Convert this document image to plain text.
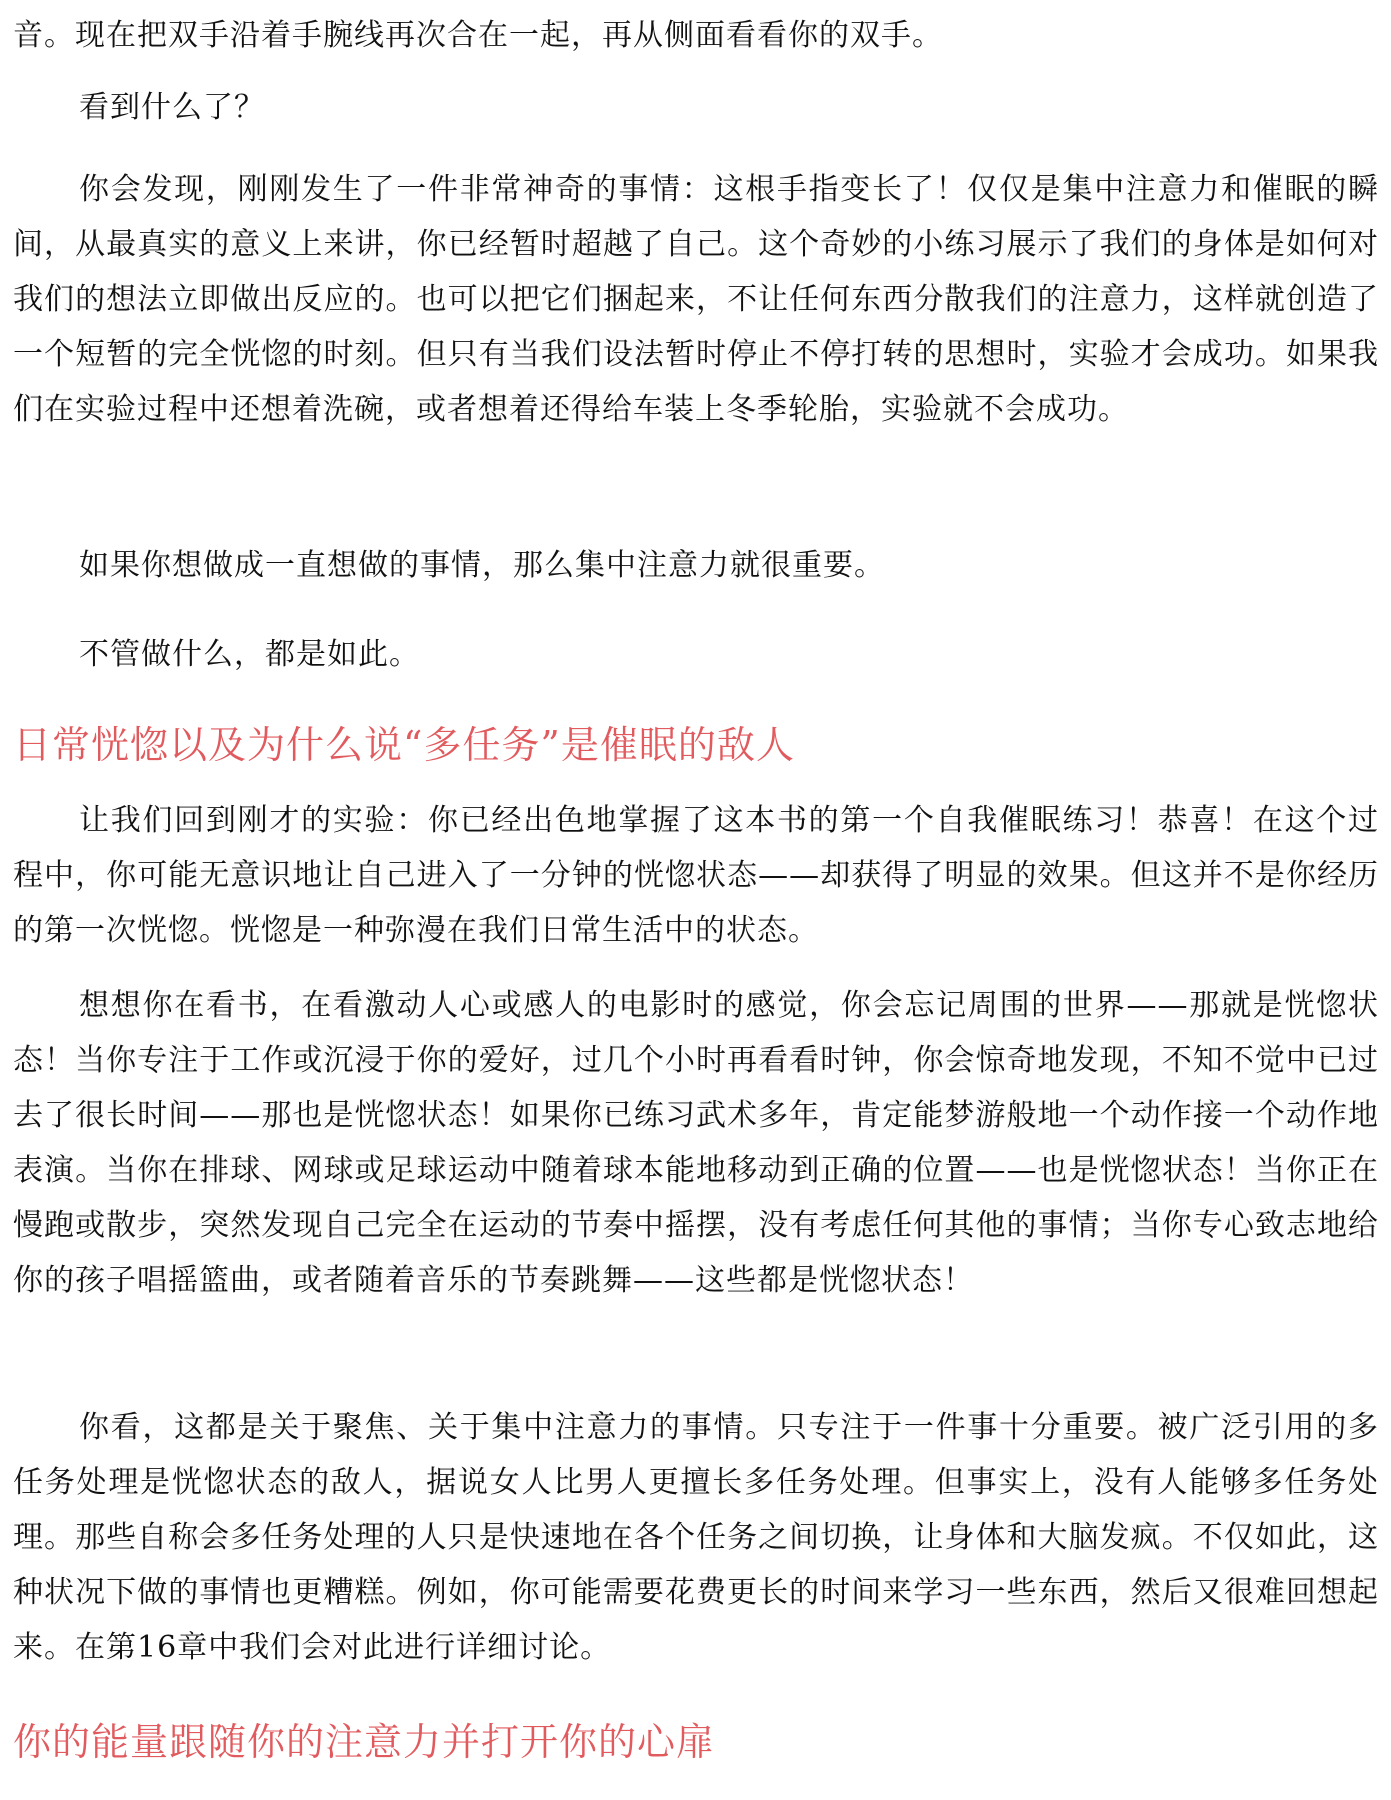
音。现在把双手沿着手腕线再次合在一起，再从侧面看看你的双手。

看到什么了？

你会发现，刚刚发生了一件非常神奇的事情：这根手指变长了！仅仅是集中注意力和催眠的瞬间，从最真实的意义上来讲，你已经暂时超越了自己。这个奇妙的小练习展示了我们的身体是如何对我们的想法立即做出反应的。也可以把它们捆起来，不让任何东西分散我们的注意力，这样就创造了一个短暂的完全恍惚的时刻。但只有当我们设法暂时停止不停打转的思想时，实验才会成功。如果我们在实验过程中还想着洗碗，或者想着还得给车装上冬季轮胎，实验就不会成功。

如果你想做成一直想做的事情，那么集中注意力就很重要。

不管做什么，都是如此。

日常恍惚以及为什么说“多任务”是催眠的敌人

让我们回到刚才的实验：你已经出色地掌握了这本书的第一个自我催眠练习！恭喜！在这个过程中，你可能无意识地让自己进入了一分钟的恍惚状态——却获得了明显的效果。但这并不是你经历的第一次恍惚。恍惚是一种弥漫在我们日常生活中的状态。

想想你在看书，在看激动人心或感人的电影时的感觉，你会忘记周围的世界——那就是恍惚状态！当你专注于工作或沉浸于你的爱好，过几个小时再看看时钟，你会惊奇地发现，不知不觉中已过去了很长时间——那也是恍惚状态！如果你已练习武术多年，肯定能梦游般地一个动作接一个动作地表演。当你在排球、网球或足球运动中随着球本能地移动到正确的位置——也是恍惚状态！当你正在慢跑或散步，突然发现自己完全在运动的节奏中摇摆，没有考虑任何其他的事情；当你专心致志地给你的孩子唱摇篮曲，或者随着音乐的节奏跳舞——这些都是恍惚状态！

你看，这都是关于聚焦、关于集中注意力的事情。只专注于一件事十分重要。被广泛引用的多任务处理是恍惚状态的敌人，据说女人比男人更擅长多任务处理。但事实上，没有人能够多任务处理。那些自称会多任务处理的人只是快速地在各个任务之间切换，让身体和大脑发疯。不仅如此，这种状况下做的事情也更糟糕。例如，你可能需要花费更长的时间来学习一些东西，然后又很难回想起来。在第16章中我们会对此进行详细讨论。

你的能量跟随你的注意力并打开你的心扉
